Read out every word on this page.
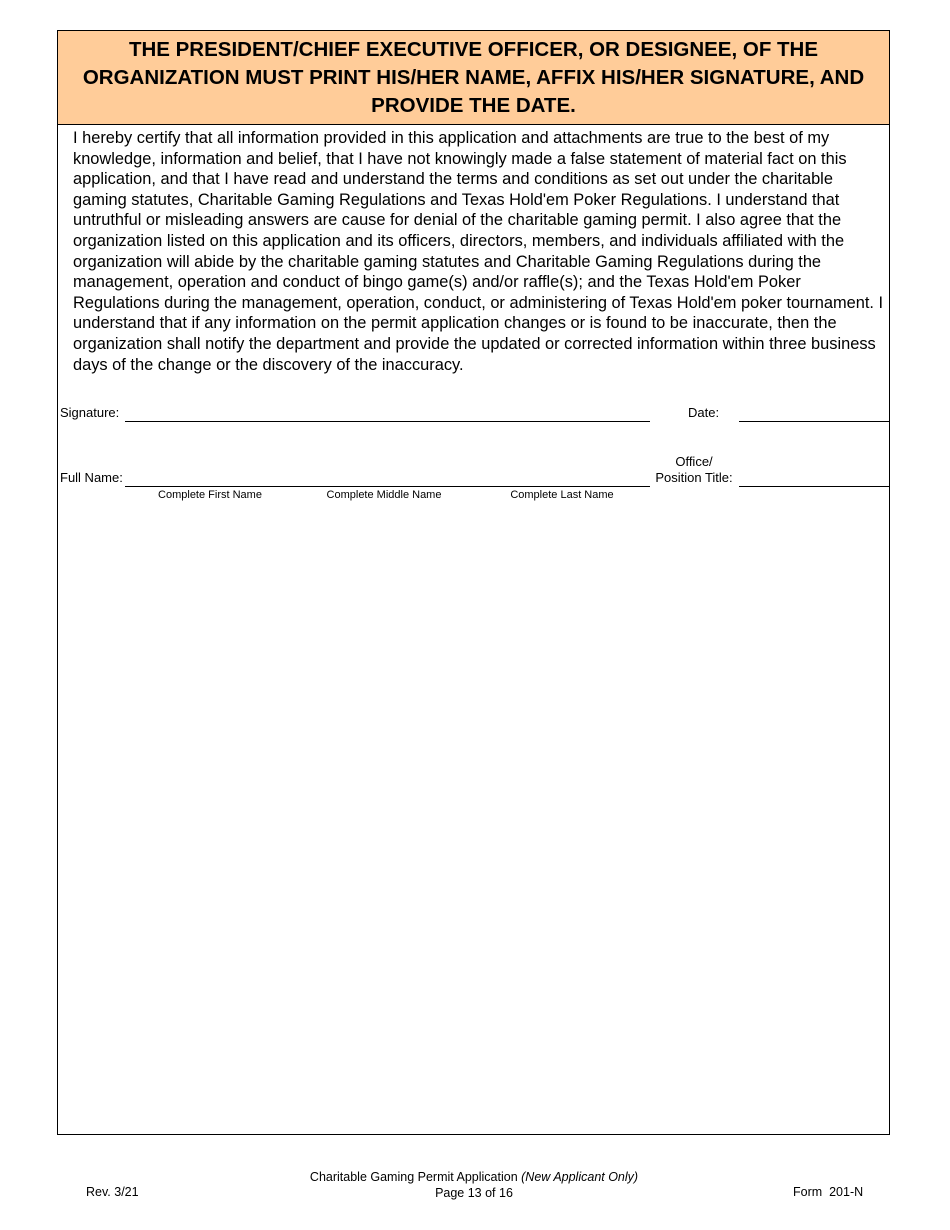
THE PRESIDENT/CHIEF EXECUTIVE OFFICER, OR DESIGNEE, OF THE ORGANIZATION MUST PRINT HIS/HER NAME, AFFIX HIS/HER SIGNATURE, AND PROVIDE THE DATE.

I hereby certify that all information provided in this application and attachments are true to the best of my knowledge, information and belief, that I have not knowingly made a false statement of material fact on this application, and that I have read and understand the terms and conditions as set out under the charitable gaming statutes, Charitable Gaming Regulations and Texas Hold'em Poker Regulations. I understand that untruthful or misleading answers are cause for denial of the charitable gaming permit. I also agree that the organization listed on this application and its officers, directors, members, and individuals affiliated with the organization will abide by the charitable gaming statutes and Charitable Gaming Regulations during the management, operation and conduct of bingo game(s) and/or raffle(s); and the Texas Hold'em Poker Regulations during the management, operation, conduct, or administering of Texas Hold'em poker tournament. I understand that if any information on the permit application changes or is found to be inaccurate, then the organization shall notify the department and provide the updated or corrected information within three business days of the change or the discovery of the inaccuracy.

Signature:	Date:
Full Name:
Office/
Position Title:
Complete First Name	Complete Middle Name	Complete Last Name
Rev. 3/21
Charitable Gaming Permit Application (New Applicant Only)
Page 13 of 16	Form  201-N
